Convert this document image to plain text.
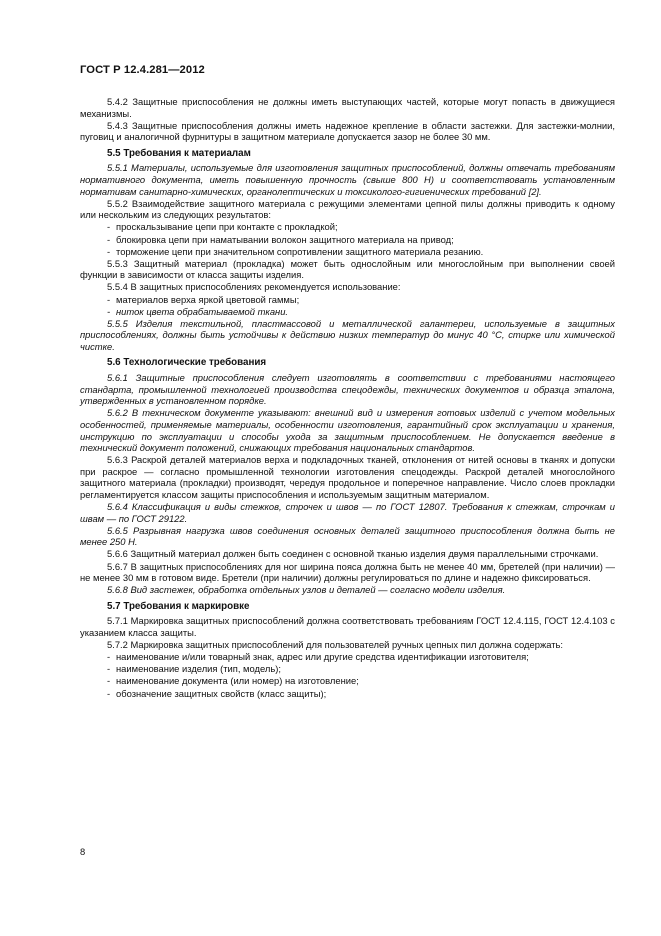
ГОСТ Р 12.4.281—2012
5.4.2 Защитные приспособления не должны иметь выступающих частей, которые могут попасть в движущиеся механизмы.
5.4.3 Защитные приспособления должны иметь надежное крепление в области застежки. Для застежки-молнии, пуговиц и аналогичной фурнитуры в защитном материале допускается зазор не более 30 мм.
5.5 Требования к материалам
5.5.1 Материалы, используемые для изготовления защитных приспособлений, должны отвечать требованиям нормативного документа, иметь повышенную прочность (свыше 800 Н) и соответствовать установленным нормативам санитарно-химических, органолептических и токсиколого-гигиенических требований [2].
5.5.2 Взаимодействие защитного материала с режущими элементами цепной пилы должны приводить к одному или нескольким из следующих результатов:
- проскальзывание цепи при контакте с прокладкой;
- блокировка цепи при наматывании волокон защитного материала на привод;
- торможение цепи при значительном сопротивлении защитного материала резанию.
5.5.3 Защитный материал (прокладка) может быть однослойным или многослойным при выполнении своей функции в зависимости от класса защиты изделия.
5.5.4 В защитных приспособлениях рекомендуется использование:
- материалов верха яркой цветовой гаммы;
- ниток цвета обрабатываемой ткани.
5.5.5 Изделия текстильной, пластмассовой и металлической галантереи, используемые в защитных приспособлениях, должны быть устойчивы к действию низких температур до минус 40 °С, стирке или химической чистке.
5.6 Технологические требования
5.6.1 Защитные приспособления следует изготовлять в соответствии с требованиями настоящего стандарта, промышленной технологией производства спецодежды, технических документов и образца эталона, утвержденных в установленном порядке.
5.6.2 В техническом документе указывают: внешний вид и измерения готовых изделий с учетом модельных особенностей, применяемые материалы, особенности изготовления, гарантийный срок эксплуатации и хранения, инструкцию по эксплуатации и способы ухода за защитным приспособлением. Не допускается введение в технический документ положений, снижающих требования национальных стандартов.
5.6.3 Раскрой деталей материалов верха и подкладочных тканей, отклонения от нитей основы в тканях и допуски при раскрое — согласно промышленной технологии изготовления спецодежды. Раскрой деталей многослойного защитного материала (прокладки) производят, чередуя продольное и поперечное направление. Число слоев прокладки регламентируется классом защиты приспособления и используемым защитным материалом.
5.6.4 Классификация и виды стежков, строчек и швов — по ГОСТ 12807. Требования к стежкам, строчкам и швам — по ГОСТ 29122.
5.6.5 Разрывная нагрузка швов соединения основных деталей защитного приспособления должна быть не менее 250 Н.
5.6.6 Защитный материал должен быть соединен с основной тканью изделия двумя параллельными строчками.
5.6.7 В защитных приспособлениях для ног ширина пояса должна быть не менее 40 мм, бретелей (при наличии) — не менее 30 мм в готовом виде. Бретели (при наличии) должны регулироваться по длине и надежно фиксироваться.
5.6.8 Вид застежек, обработка отдельных узлов и деталей — согласно модели изделия.
5.7 Требования к маркировке
5.7.1 Маркировка защитных приспособлений должна соответствовать требованиям ГОСТ 12.4.115, ГОСТ 12.4.103 с указанием класса защиты.
5.7.2 Маркировка защитных приспособлений для пользователей ручных цепных пил должна содержать:
- наименование и/или товарный знак, адрес или другие средства идентификации изготовителя;
- наименование изделия (тип, модель);
- наименование документа (или номер) на изготовление;
- обозначение защитных свойств (класс защиты);
8
